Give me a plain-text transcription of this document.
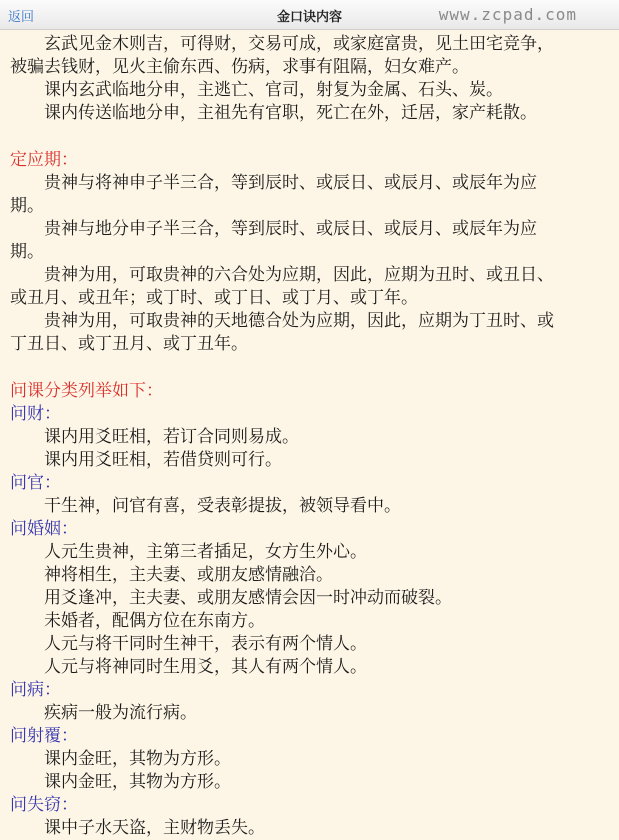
返回	金口诀内容	www.zcpad.com

玄武见金木则吉，可得财，交易可成，或家庭富贵，见土田宅竞争，

被骗去钱财，见火主偷东西、伤病，求事有阻隔，妇女难产。

课内玄武临地分申，主逃亡、官司，射复为金属、石头、炭。

课内传送临地分申，主祖先有官职，死亡在外，迁居，家产耗散。

定应期：

贵神与将神申子半三合，等到辰时、或辰日、或辰月、或辰年为应

期。

贵神与地分申子半三合，等到辰时、或辰日、或辰月、或辰年为应

期。

贵神为用，可取贵神的六合处为应期，因此，应期为丑时、或丑日、

或丑月、或丑年；或丁时、或丁日、或丁月、或丁年。

贵神为用，可取贵神的天地德合处为应期，因此，应期为丁丑时、或

丁丑日、或丁丑月、或丁丑年。

问课分类列举如下：

问财：

课内用爻旺相，若订合同则易成。

课内用爻旺相，若借贷则可行。

问官：

干生神，问官有喜，受表彰提拔，被领导看中。

问婚姻：

人元生贵神，主第三者插足，女方生外心。

神将相生，主夫妻、或朋友感情融洽。

用爻逢冲，主夫妻、或朋友感情会因一时冲动而破裂。

未婚者，配偶方位在东南方。

人元与将干同时生神干，表示有两个情人。

人元与将神同时生用爻，其人有两个情人。

问病：

疾病一般为流行病。

问射覆：

课内金旺，其物为方形。

课内金旺，其物为方形。

问失窃：

课中子水天盗，主财物丢失。
